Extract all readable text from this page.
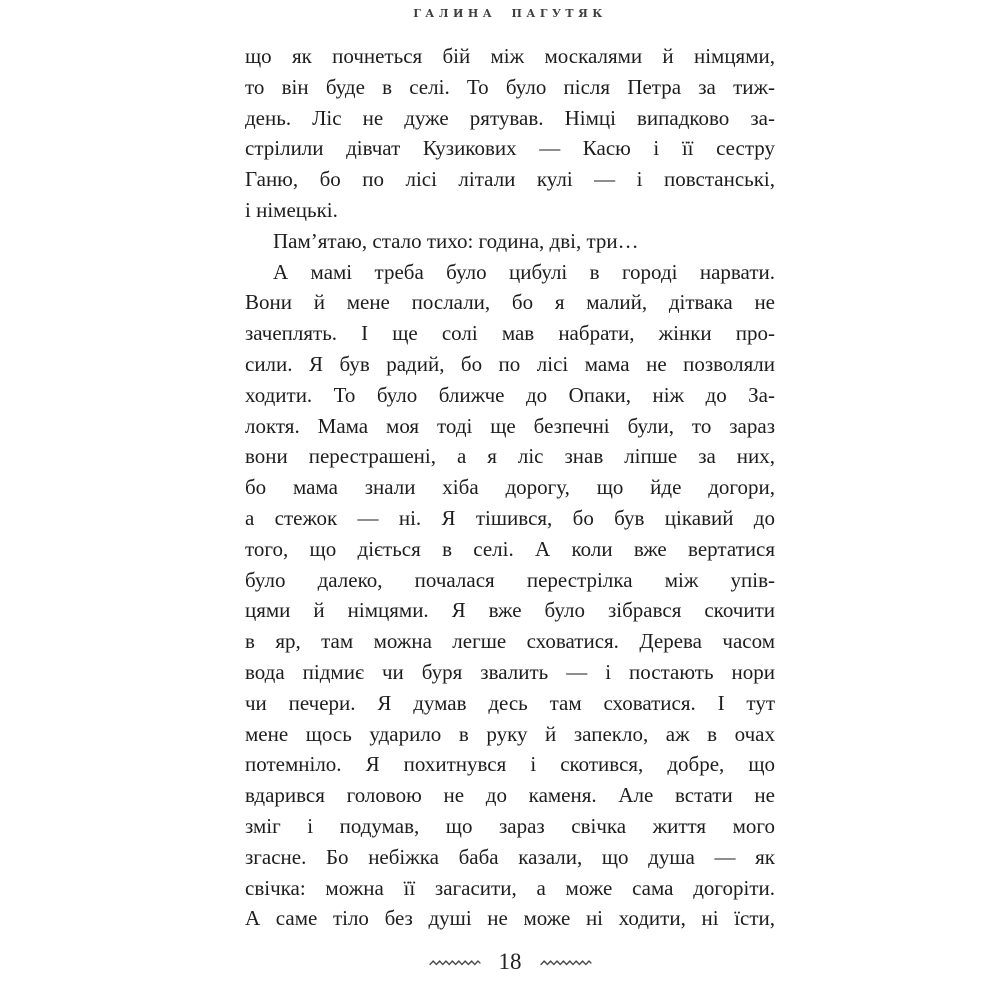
ГАЛИНА ПАГУТЯК
що як почнеться бій між москалями й німцями,
то він буде в селі. То було після Петра за тиж-
день. Ліс не дуже рятував. Німці випадково за-
стрілили дівчат Кузикових — Касю і її сестру
Ганю, бо по лісі літали кулі — і повстанські,
і німецькі.
Пам’ятаю, стало тихо: година, дві, три…
А мамі треба було цибулі в городі нарвати.
Вони й мене послали, бо я малий, дітвака не
зачеплять. І ще солі мав набрати, жінки про-
сили. Я був радий, бо по лісі мама не позволяли
ходити. То було ближче до Опаки, ніж до За-
локтя. Мама моя тоді ще безпечні були, то зараз
вони перестрашені, а я ліс знав ліпше за них,
бо мама знали хіба дорогу, що йде догори,
а стежок — ні. Я тішився, бо був цікавий до
того, що діється в селі. А коли вже вертатися
було далеко, почалася перестрілка між упів-
цями й німцями. Я вже було зібрався скочити
в яр, там можна легше сховатися. Дерева часом
вода підмиє чи буря звалить — і постають нори
чи печери. Я думав десь там сховатися. І тут
мене щось ударило в руку й запекло, аж в очах
потемніло. Я похитнувся і скотився, добре, що
вдарився головою не до каменя. Але встати не
зміг і подумав, що зараз свічка життя мого
згасне. Бо небіжка баба казали, що душа — як
свічка: можна її загасити, а може сама догоріти.
А саме тіло без душі не може ні ходити, ні їсти,
18
